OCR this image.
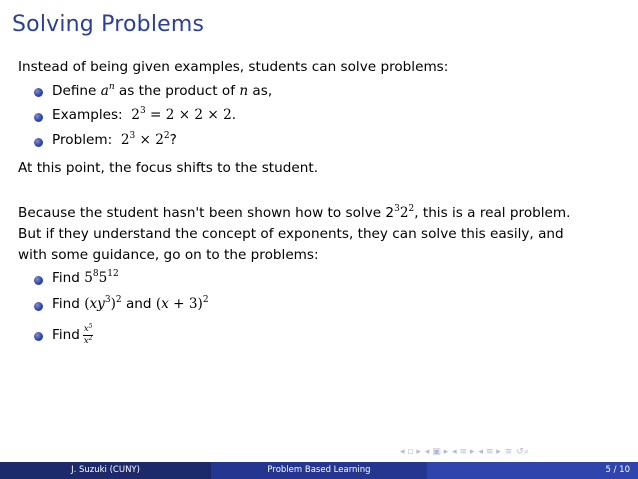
Solving Problems
Instead of being given examples, students can solve problems:
Define $a^n$ as the product of n as,
Examples: $2^3 = 2 \times 2 \times 2$.
Problem: $2^3 \times 2^2$?
At this point, the focus shifts to the student.
Because the student hasn't been shown how to solve $2^32^2$, this is a real problem.
But if they understand the concept of exponents, they can solve this easily, and
with some guidance, go on to the problems:
Find $5^85^{12}$
Find $(xy^3)^2$ and $(x + 3)^2$
Find $\frac{x^5}{x^2}$
◂ ▫ ▸ ◂ ▣ ▸ ◂ ≡ ▸ ◂ ≡ ▸ ≡ ↺⌕
J. Suzuki (CUNY)	Problem Based Learning	5 / 10
